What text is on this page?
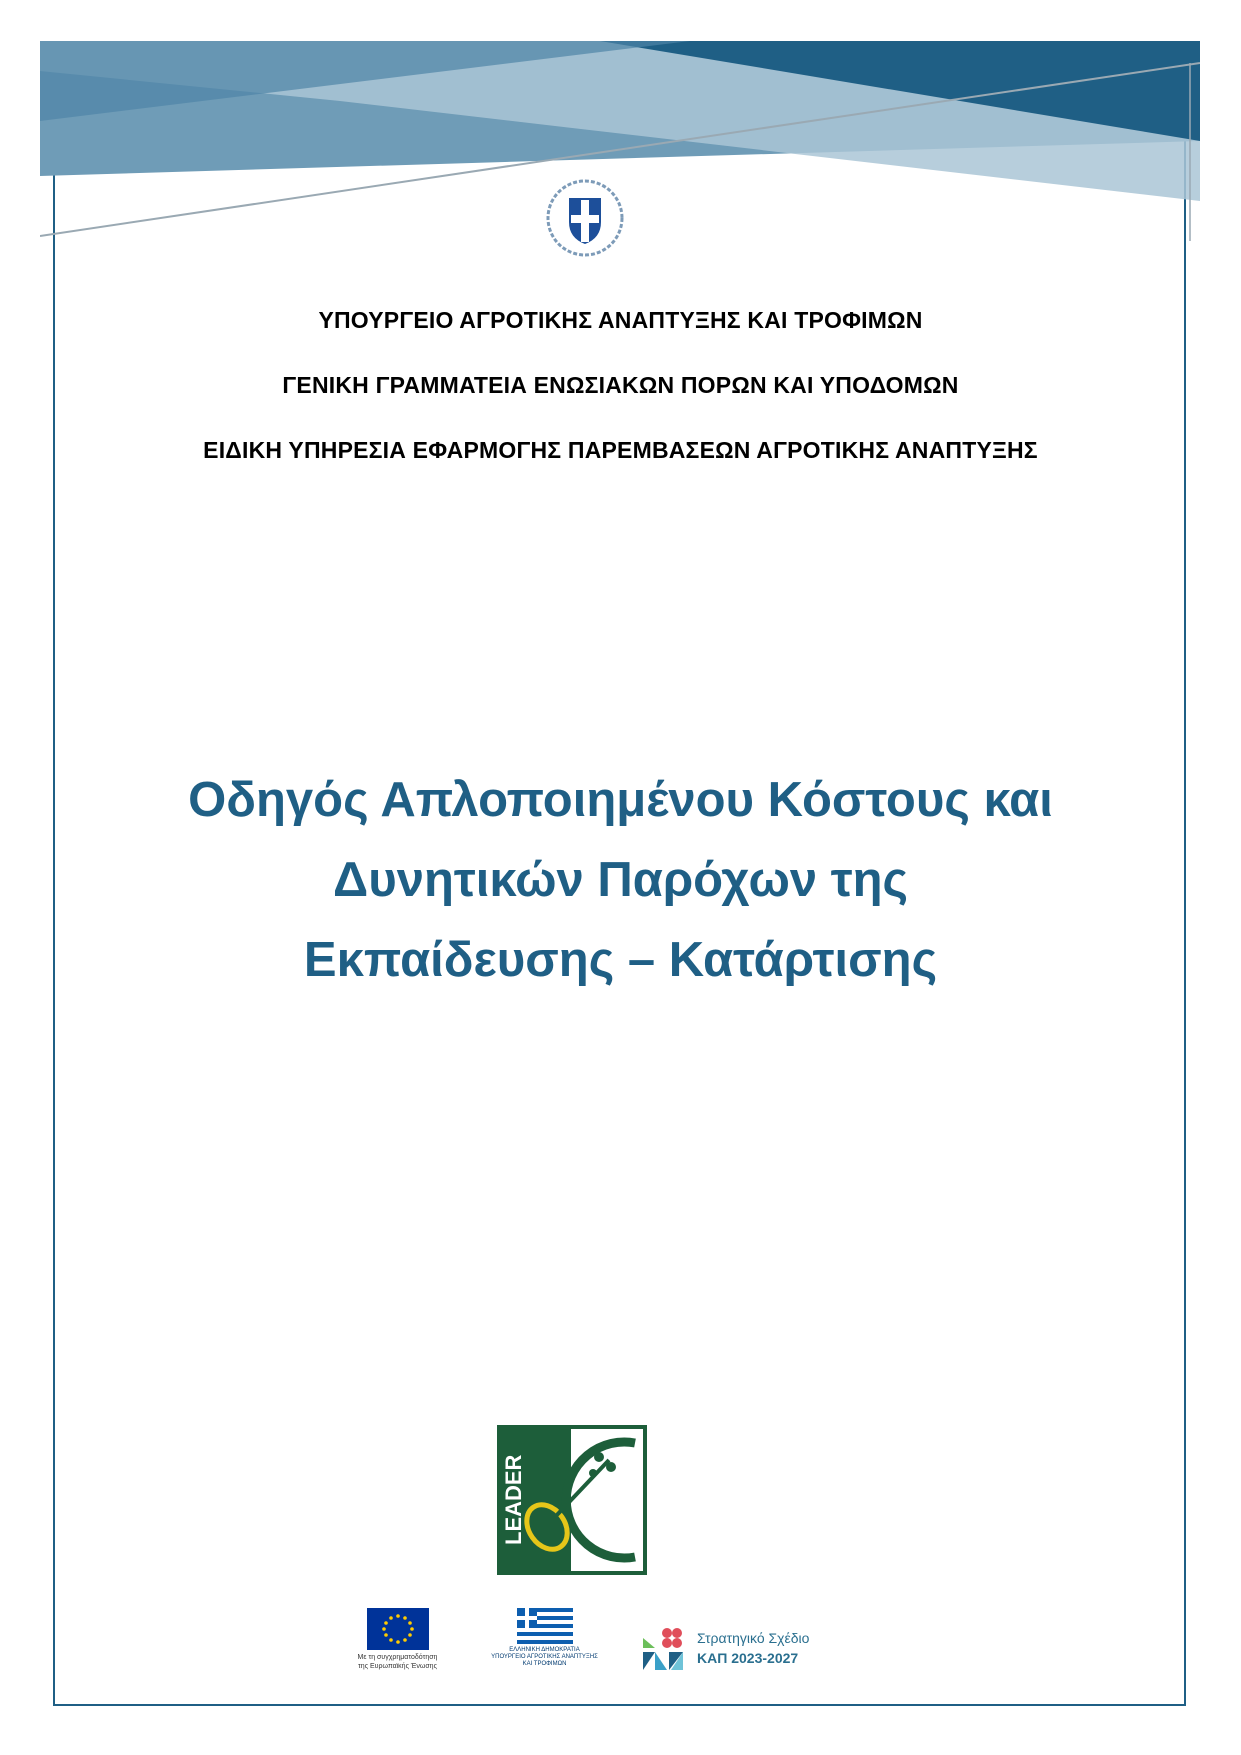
ΥΠΟΥΡΓΕΙΟ ΑΓΡΟΤΙΚΗΣ ΑΝΑΠΤΥΞΗΣ ΚΑΙ ΤΡΟΦΙΜΩΝ
ΓΕΝΙΚΗ ΓΡΑΜΜΑΤΕΙΑ ΕΝΩΣΙΑΚΩΝ ΠΟΡΩΝ ΚΑΙ ΥΠΟΔΟΜΩΝ
ΕΙΔΙΚΗ ΥΠΗΡΕΣΙΑ ΕΦΑΡΜΟΓΗΣ ΠΑΡΕΜΒΑΣΕΩΝ ΑΓΡΟΤΙΚΗΣ ΑΝΑΠΤΥΞΗΣ
Οδηγός Απλοποιημένου Κόστους και
Δυνητικών Παρόχων της
Εκπαίδευσης – Κατάρτισης
LEADER
Με τη συγχρηματοδότηση
της Ευρωπαϊκής Ένωσης
ΕΛΛΗΝΙΚΗ ΔΗΜΟΚΡΑΤΙΑ
ΥΠΟΥΡΓΕΙΟ ΑΓΡΟΤΙΚΗΣ ΑΝΑΠΤΥΞΗΣ ΚΑΙ ΤΡΟΦΙΜΩΝ
Στρατηγικό Σχέδιο
ΚΑΠ 2023-2027
